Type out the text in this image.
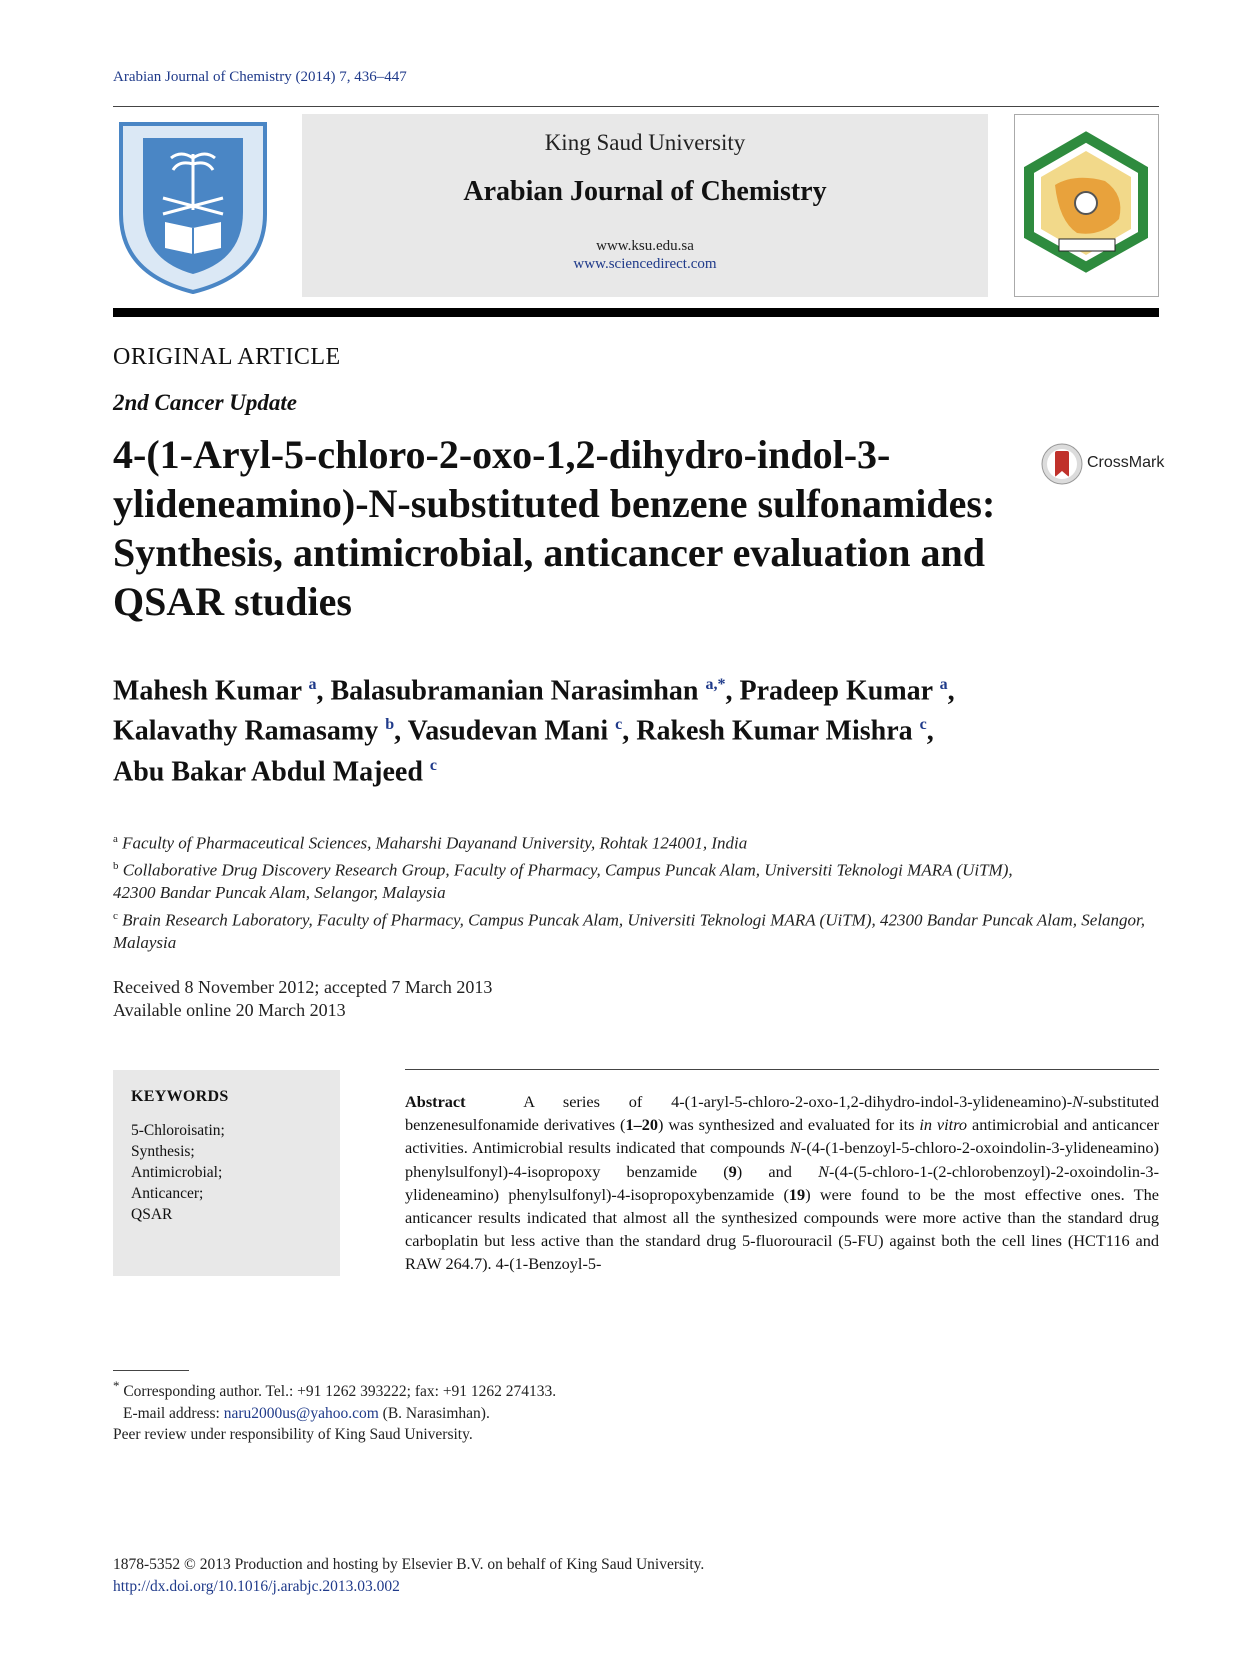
Arabian Journal of Chemistry (2014) 7, 436–447
King Saud University
Arabian Journal of Chemistry
www.ksu.edu.sa
www.sciencedirect.com
ORIGINAL ARTICLE
2nd Cancer Update
4-(1-Aryl-5-chloro-2-oxo-1,2-dihydro-indol-3-ylideneamino)-N-substituted benzene sulfonamides: Synthesis, antimicrobial, anticancer evaluation and QSAR studies
CrossMark
Mahesh Kumar $^a$, Balasubramanian Narasimhan $^{a,*}$, Pradeep Kumar $^a$,
Kalavathy Ramasamy $^b$, Vasudevan Mani $^c$, Rakesh Kumar Mishra $^c$,
Abu Bakar Abdul Majeed $^c$
$^a$ Faculty of Pharmaceutical Sciences, Maharshi Dayanand University, Rohtak 124001, India
$^b$ Collaborative Drug Discovery Research Group, Faculty of Pharmacy, Campus Puncak Alam, Universiti Teknologi MARA (UiTM), 42300 Bandar Puncak Alam, Selangor, Malaysia
$^c$ Brain Research Laboratory, Faculty of Pharmacy, Campus Puncak Alam, Universiti Teknologi MARA (UiTM), 42300 Bandar Puncak Alam, Selangor, Malaysia
Received 8 November 2012; accepted 7 March 2013
Available online 20 March 2013
KEYWORDS
5-Chloroisatin;
Synthesis;
Antimicrobial;
Anticancer;
QSAR
Abstract	A series of 4-(1-aryl-5-chloro-2-oxo-1,2-dihydro-indol-3-ylideneamino)-N-substituted benzenesulfonamide derivatives (1–20) was synthesized and evaluated for its in vitro antimicrobial and anticancer activities. Antimicrobial results indicated that compounds N-(4-(1-benzoyl-5-chloro-2-oxoindolin-3-ylideneamino) phenylsulfonyl)-4-isopropoxy benzamide (9) and N-(4-(5-chloro-1-(2-chlorobenzoyl)-2-oxoindolin-3-ylideneamino) phenylsulfonyl)-4-isopropoxybenzamide (19) were found to be the most effective ones. The anticancer results indicated that almost all the synthesized compounds were more active than the standard drug carboplatin but less active than the standard drug 5-fluorouracil (5-FU) against both the cell lines (HCT116 and RAW 264.7). 4-(1-Benzoyl-5-
* Corresponding author. Tel.: +91 1262 393222; fax: +91 1262 274133.
E-mail address: naru2000us@yahoo.com (B. Narasimhan).
Peer review under responsibility of King Saud University.
1878-5352 © 2013 Production and hosting by Elsevier B.V. on behalf of King Saud University.
http://dx.doi.org/10.1016/j.arabjc.2013.03.002
